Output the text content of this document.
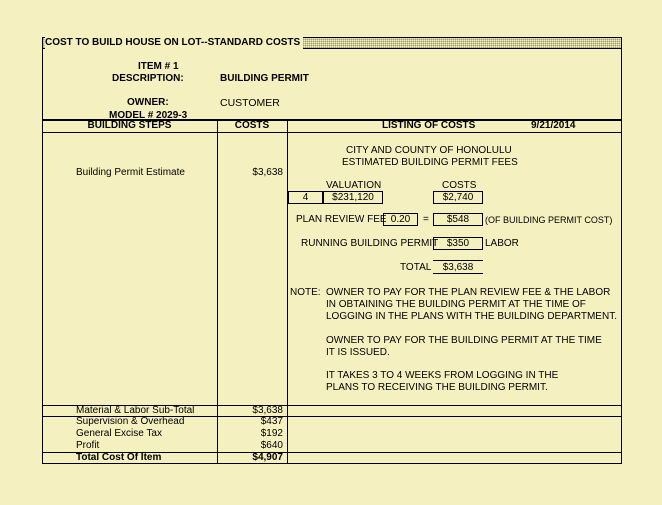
COST TO BUILD HOUSE ON LOT--STANDARD COSTS
ITEM # 1
DESCRIPTION:	BUILDING PERMIT
OWNER:	CUSTOMER
MODEL # 2029-3
BUILDING STEPS	COSTS	LISTING OF COSTS	9/21/2014
Building Permit Estimate	$3,638
CITY AND COUNTY OF HONOLULU
ESTIMATED BUILDING PERMIT FEES
VALUATION	COSTS
4	$231,120	$2,740
PLAN REVIEW FEE 0.20	=	$548	(OF BUILDING PERMIT COST)
RUNNING BUILDING PERMIT $350	LABOR
TOTAL	$3,638
NOTE: OWNER TO PAY FOR THE PLAN REVIEW FEE & THE LABOR
IN OBTAINING THE BUILDING PERMIT AT THE TIME OF
LOGGING IN THE PLANS WITH THE BUILDING DEPARTMENT.
OWNER TO PAY FOR THE BUILDING PERMIT AT THE TIME
IT IS ISSUED.
IT TAKES 3 TO 4 WEEKS FROM LOGGING IN THE
PLANS TO RECEIVING THE BUILDING PERMIT.
Material & Labor Sub-Total	$3,638
Supervision & Overhead	$437
General Excise Tax	$192
Profit	$640
Total Cost Of Item	$4,907
